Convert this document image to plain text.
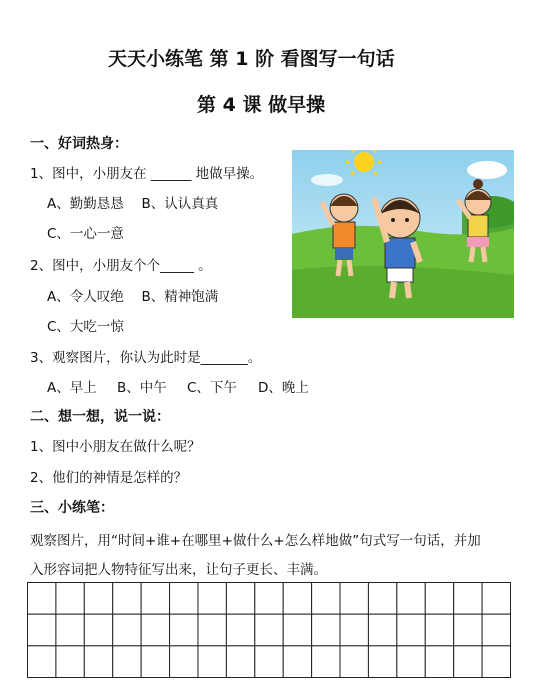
天天小练笔 第 1 阶 看图写一句话
第 4 课 做早操
一、好词热身：
1、图中，小朋友在 ______ 地做早操。
A、勤勤恳恳　 B、认认真真
C、一心一意
2、图中，小朋友个个_____ 。
A、令人叹绝　 B、精神饱满
C、大吃一惊
3、观察图片，你认为此时是_______。
A、早上 B、中午 C、下午 D、晚上
二、想一想，说一说：
1、图中小朋友在做什么呢？
2、他们的神情是怎样的？
三、小练笔：
观察图片，用“时间+谁+在哪里+做什么+怎么样地做”句式写一句话，并加
入形容词把人物特征写出来，让句子更长、丰满。
